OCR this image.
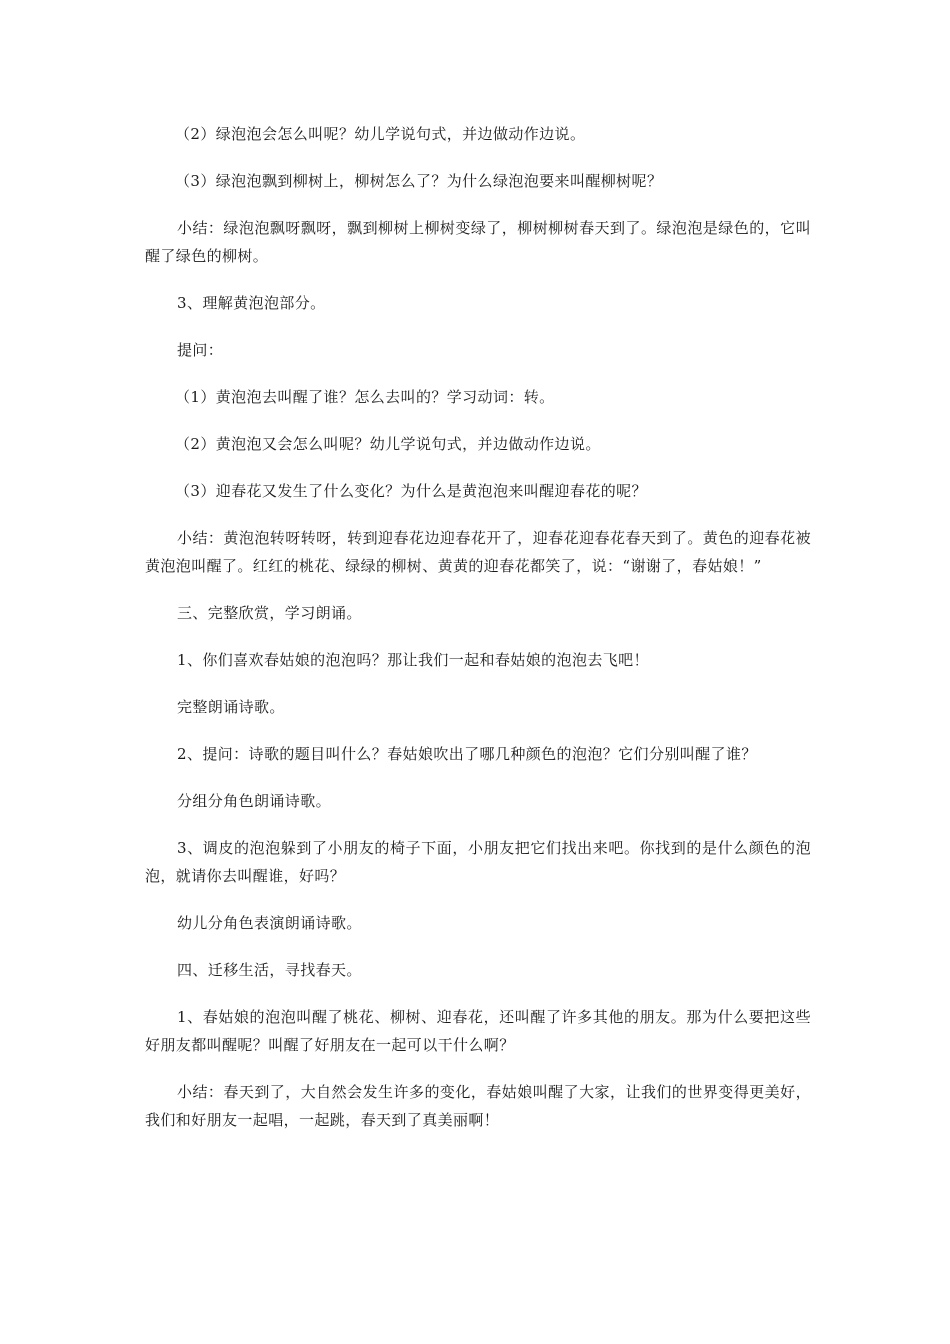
（2）绿泡泡会怎么叫呢？幼儿学说句式，并边做动作边说。

（3）绿泡泡飘到柳树上，柳树怎么了？为什么绿泡泡要来叫醒柳树呢？

小结：绿泡泡飘呀飘呀，飘到柳树上柳树变绿了，柳树柳树春天到了。绿泡泡是绿色的，它叫醒了绿色的柳树。

3、理解黄泡泡部分。

提问：

（1）黄泡泡去叫醒了谁？怎么去叫的？学习动词：转。

（2）黄泡泡又会怎么叫呢？幼儿学说句式，并边做动作边说。

（3）迎春花又发生了什么变化？为什么是黄泡泡来叫醒迎春花的呢？

小结：黄泡泡转呀转呀，转到迎春花边迎春花开了，迎春花迎春花春天到了。黄色的迎春花被黄泡泡叫醒了。红红的桃花、绿绿的柳树、黄黄的迎春花都笑了，说：“谢谢了，春姑娘！”

三、完整欣赏，学习朗诵。

1、你们喜欢春姑娘的泡泡吗？那让我们一起和春姑娘的泡泡去飞吧！

完整朗诵诗歌。

2、提问：诗歌的题目叫什么？春姑娘吹出了哪几种颜色的泡泡？它们分别叫醒了谁？

分组分角色朗诵诗歌。

3、调皮的泡泡躲到了小朋友的椅子下面，小朋友把它们找出来吧。你找到的是什么颜色的泡泡，就请你去叫醒谁，好吗？

幼儿分角色表演朗诵诗歌。

四、迁移生活，寻找春天。

1、春姑娘的泡泡叫醒了桃花、柳树、迎春花，还叫醒了许多其他的朋友。那为什么要把这些好朋友都叫醒呢？叫醒了好朋友在一起可以干什么啊？

小结：春天到了，大自然会发生许多的变化，春姑娘叫醒了大家，让我们的世界变得更美好，我们和好朋友一起唱，一起跳，春天到了真美丽啊！
